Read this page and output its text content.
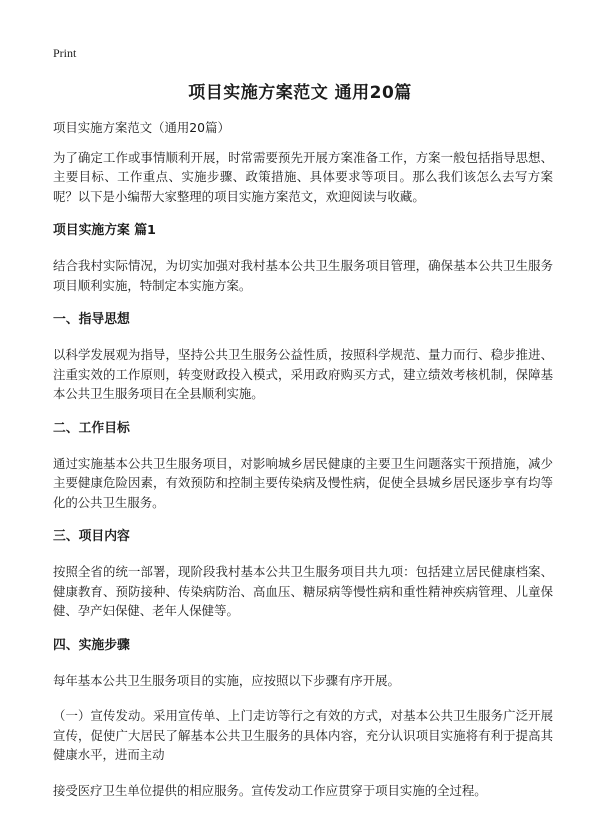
Print
项目实施方案范文 通用20篇

项目实施方案范文（通用20篇）

为了确定工作或事情顺利开展，时常需要预先开展方案准备工作，方案一般包括指导思想、主要目标、工作重点、实施步骤、政策措施、具体要求等项目。那么我们该怎么去写方案呢？以下是小编帮大家整理的项目实施方案范文，欢迎阅读与收藏。

项目实施方案 篇1

结合我村实际情况，为切实加强对我村基本公共卫生服务项目管理，确保基本公共卫生服务项目顺利实施，特制定本实施方案。

一、指导思想

以科学发展观为指导，坚持公共卫生服务公益性质，按照科学规范、量力而行、稳步推进、注重实效的工作原则，转变财政投入模式，采用政府购买方式，建立绩效考核机制，保障基本公共卫生服务项目在全县顺利实施。

二、工作目标

通过实施基本公共卫生服务项目，对影响城乡居民健康的主要卫生问题落实干预措施，减少主要健康危险因素，有效预防和控制主要传染病及慢性病，促使全县城乡居民逐步享有均等化的公共卫生服务。

三、项目内容

按照全省的统一部署，现阶段我村基本公共卫生服务项目共九项：包括建立居民健康档案、健康教育、预防接种、传染病防治、高血压、糖尿病等慢性病和重性精神疾病管理、儿童保健、孕产妇保健、老年人保健等。

四、实施步骤

每年基本公共卫生服务项目的实施，应按照以下步骤有序开展。

（一）宣传发动。采用宣传单、上门走访等行之有效的方式，对基本公共卫生服务广泛开展宣传，促使广大居民了解基本公共卫生服务的具体内容，充分认识项目实施将有利于提高其健康水平，进而主动

接受医疗卫生单位提供的相应服务。宣传发动工作应贯穿于项目实施的全过程。
